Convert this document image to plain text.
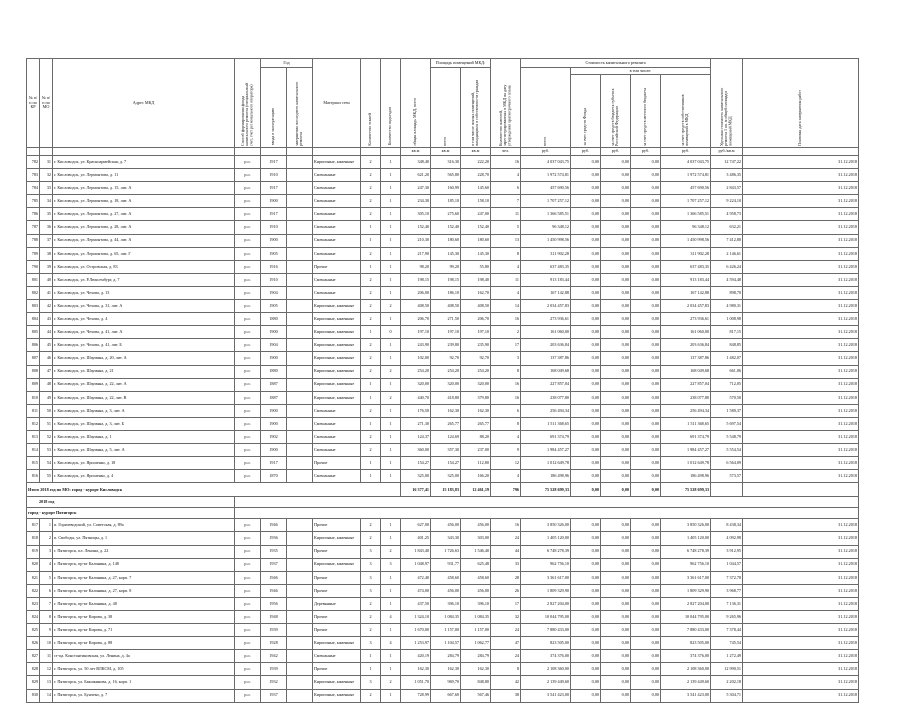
№ п/п по КР	№ п/п по МО	Адрес МКД	Способ формирования фонда капитального ремонта (специальный счет, счет регионального оператора)	Год		Материал стен	Количество этажей	Количество подъездов	общая площадь МКД, всего	Площадь помещений МКД:		Количество жителей, зарегистрированных в МКД на дату утверждения краткосрочного плана	Стоимость капитального ремонта					Удельная стоимость капитального ремонта 1 кв. м общей площади помещений МКД	Плановая дата завершения работ
				ввода в эксплуатацию	завершения последнего капитального ремонта					всего	в том числе жилых помещений, находящихся в собственности граждан		всего	в том числе:					
														за счет средств Фонда	за счет средств бюджета субъекта Российской Федерации	за счет средств местного бюджета	за счет средств собственников помещений в МКД		
									кв.м	кв.м	кв.м	чел.	руб.	руб.	руб.	руб.	руб.	руб./кв.м	
782	31	г. Кисловодск, ул. Красноармейская, д. 7	р.о.	1917		Кирпичные, каменные	2	1	348,40	316,30	222,20	16	4 037 043,75	0,00	0,00	0,00	4 037 043,75	12 747,22	31.12.2018
783	32	г. Кисловодск, ул. Лермонтова, д. 11	р.о.	1910		Смешанные	2	1	621,20	565,80	228,70	4	1 972 574,81	0,00	0,00	0,00	1 972 574,81	3 486,35	31.12.2018
784	33	г. Кисловодск, ул. Лермонтова, д. 15, лит. А	р.о.	1917		Смешанные	2	1	247,30	160,99	145,60	6	457 690,56	0,00	0,00	0,00	457 690,56	2 843,57	31.12.2018
785	34	г. Кисловодск, ул. Лермонтова, д. 18, лит. А	р.о.	1900		Смешанные	2	1	234,30	185,10	158,10	7	1 707 257,12	0,00	0,00	0,00	1 707 257,12	9 224,10	31.12.2018
786	35	г. Кисловодск, ул. Лермонтова, д. 27, лит. А	р.о.	1917		Смешанные	2	1	305,10	275,60	247,00	11	1 366 585,51	0,00	0,00	0,00	1 366 585,51	4 958,73	31.12.2018
787	36	г. Кисловодск, ул. Лермонтова, д. 28, лит. А	р.о.	1910		Смешанные	1	1	152,40	152,40	152,40	5	96 348,12	0,00	0,00	0,00	96 348,12	632,21	31.12.2018
788	37	г. Кисловодск, ул. Лермонтова, д. 44, лит. А	р.о.	1900		Смешанные	1	1	210,30	180,60	180,60	13	1 450 998,56	0,00	0,00	0,00	1 450 998,56	7 412,80	31.12.2018
789	38	г. Кисловодск, ул. Лермонтова, д. 65, лит. Г	р.о.	1905		Смешанные	2	1	217,90	145,30	145,30	8	311 902,28	0,00	0,00	0,00	311 902,28	2 146,61	31.12.2018
790	39	г. Кисловодск, ул. Островская, д. 83	р.о.	1916		Прочие	1	1	98,20	99,20	55,80	4	637 483,35	0,00	0,00	0,00	637 483,35	6 426,24	31.12.2018
801	40	г. Кисловодск, ул. Р.Люксембург, д. 7	р.о.	1910		Смешанные	2	1	198,15	198,15	198,40	11	913 183,44	0,00	0,00	0,00	913 183,44	4 594,48	31.12.2018
802	41	г. Кисловодск, ул. Чехова, д. 13	р.о.	1904		Смешанные	2	1	206,00	186,10	162,70	4	167 142,88	0,00	0,00	0,00	167 142,88	898,70	31.12.2018
803	42	г. Кисловодск, ул. Чехова, д. 31, лит. А	р.о.	1905		Кирпичные, каменные	2	2	408,50	408,50	408,50	14	2 034 457,83	0,00	0,00	0,00	2 034 457,83	4 980,31	31.12.2018
804	43	г. Кисловодск, ул. Чехова, д. 4	р.о.	1880		Кирпичные, каменные	2	1	206,70	271,50	206,70	16	273 936,61	0,00	0,00	0,00	273 936,61	1 008,98	31.12.2018
805	44	г. Кисловодск, ул. Чехова, д. 41, лит. А	р.о.	1900		Кирпичные, каменные	1	0	197,10	197,10	197,10	2	161 060,00	0,00	0,00	0,00	161 060,00	817,15	31.12.2018
806	45	г. Кисловодск, ул. Чехова, д. 41, лит. Б	р.о.	1904		Кирпичные, каменные	2	1	243,90	239,80	235,90	17	203 636,84	0,00	0,00	0,00	203 636,84	848,85	31.12.2018
807	46	г. Кисловодск, ул. Шаумяна, д. 20, лит. А	р.о.	1900		Кирпичные, каменные	2	1	102,00	92,70	92,70	3	137 387,86	0,00	0,00	0,00	137 387,86	1 482,07	31.12.2018
808	47	г. Кисловодск, ул. Шаумяна, д. 21	р.о.	1880		Кирпичные, каменные	2	2	254,20	254,20	254,20	8	168 049,68	0,00	0,00	0,00	168 049,68	661,06	31.12.2018
809	48	г. Кисловодск, ул. Шаумяна, д. 22, лит. А	р.о.	1887		Кирпичные, каменные	1	1	320,00	320,00	320,00	16	227 857,04	0,00	0,00	0,00	227 857,04	712,05	31.12.2018
810	49	г. Кисловодск, ул. Шаумяна, д. 22, лит. В	р.о.	1887		Кирпичные, каменные	1	2	440,70	418,80	379,80	16	238 077,80	0,00	0,00	0,00	238 077,80	570,50	31.12.2018
811	50	г. Кисловодск, ул. Шаумяна, д. 3, лит. А	р.о.	1900		Смешанные	2	1	176,50	162,30	162,30	6	256 494,34	0,00	0,00	0,00	256 494,34	1 580,37	31.12.2018
812	51	г. Кисловодск, ул. Шаумяна, д. 3, лит. Б	р.о.	1900		Смешанные	1	1	271,30	265,77	265,77	8	1 511 368,65	0,00	0,00	0,00	1 511 368,65	5 697,54	31.12.2018
813	52	г. Кисловодск, ул. Шаумяна, д. 1	р.о.	1902		Смешанные	2	1	124,37	124,69	88,20	4	691 374,79	0,00	0,00	0,00	691 374,79	5 548,79	31.12.2018
814	53	г. Кисловодск, ул. Шаумяна, д. 5, лит. А	р.о.	1900		Смешанные	2	1	360,00	357,30	237,00	9	1 984 457,27	0,00	0,00	0,00	1 984 457,27	5 554,54	31.12.2018
815	54	г. Кисловодск, ул. Ярошенко, д. 18	р.о.	1917		Прочие	1	1	154,27	154,27	112,80	12	1 012 649,78	0,00	0,00	0,00	1 012 649,78	6 564,09	31.12.2018
816	55	г. Кисловодск, ул. Ярошенко, д. 4	р.о.	1870		Смешанные	1	1	325,00	325,00	166,20	4	186 498,96	0,00	0,00	0,00	186 498,96	573,57	31.12.2018
Итого 2018 год по МО: город - курорт Кисловодск									16 377,41	15 183,83	12 461,19	796	75 528 699,33	0,00	0,00	0,00	75 528 699,33		
2018 год																			
город - курорт Пятигорск																			
817	1	п. Горячеводский, ул. Советская, д. 89а	р.о.	1946		Прочие	2	1	627,00	456,00	456,00	16	3 850 326,00	0,00	0,00	0,00	3 850 326,00	8 438,34	31.12.2018
818	2	п. Свободы, ул. Пятницы, д. 1	р.о.	1936		Кирпичные, каменные	2	1	401,25	343,30	303,00	24	1 405 120,00	0,00	0,00	0,00	1 405 120,00	4 092,98	31.12.2018
819	3	г. Пятигорск, пл. Ленина, д. 22	р.о.	1935		Прочие	3	2	1 843,40	1 726,63	1 546,40	44	6 748 278,39	0,00	0,00	0,00	6 748 278,39	3 912,95	31.12.2018
820	4	г. Пятигорск, пр-кт Калинина, д. 148	р.о.	1937		Кирпичные, каменные	3	3	1 048,97	931,77	625,48	33	962 756,10	0,00	0,00	0,00	962 756,10	1 044,57	31.12.2018
821	5	г. Пятигорск, пр-кт Калинина, д. 27, корп. 7	р.о.	1946		Прочие	3	1	472,40	458,60	458,60	28	3 361 617,00	0,00	0,00	0,00	3 361 617,00	7 372,78	31.12.2018
822	6	г. Пятигорск, пр-кт Калинина, д. 27, корп. 8	р.о.	1946		Прочие	3	1	474,00	456,00	456,00	26	1 809 329,90	0,00	0,00	0,00	1 809 329,90	3 968,77	31.12.2018
823	7	г. Пятигорск, пр-кт Калинина, д. 48	р.о.	1956		Деревянные	2	1	437,50	396,10	396,10	17	2 827 204,00	0,00	0,00	0,00	2 827 204,00	7 136,31	31.12.2018
824	8	г. Пятигорск, пр-кт Кирова, д. 38	р.о.	1948		Прочие	2	4	1 324,10	1 084,35	1 084,35	32	10 044 795,00	0,00	0,00	0,00	10 044 795,00	9 265,96	31.12.2018
825	9	г. Пятигорск, пр-кт Кирова, д. 71	р.о.	1939		Прочие	2	1	1 670,00	1 157,00	1 157,00	24	7 880 433,00	0,00	0,00	0,00	7 880 433,00	7 378,44	31.12.2018
826	10	г. Пятигорск, пр-кт Кирова, д. 88	р.о.	1928		Кирпичные, каменные	3	4	1 253,97	1 104,57	1 062,77	47	823 505,00	0,00	0,00	0,00	823 505,00	745,54	31.12.2018
827	11	ст-ца. Константиновская, ул. Ленина, д. 4а	р.о.	1942		Смешанные	1	1	420,19	284,79	284,79	24	374 376,00	0,00	0,00	0,00	374 376,00	1 272,49	31.12.2018
828	12	г. Пятигорск, ул. 50 лет ВЛКСМ, д. 105	р.о.	1939		Прочие	1	1	162,30	162,30	162,30	8	2 108 360,00	0,00	0,00	0,00	2 108 360,00	12 990,51	31.12.2018
829	13	г. Пятигорск, ул. Бакшкинова, д. 16, корп. 1	р.о.	1932		Кирпичные, каменные	3	2	1 051,70	969,70	848,80	42	2 139 449,60	0,00	0,00	0,00	2 139 449,60	2 202,18	31.12.2018
830	14	г. Пятигорск, ул. Бунчеко, д. 7	р.о.	1937		Кирпичные, каменные	2	1	728,99	667,60	567,46	38	3 541 423,00	0,00	0,00	0,00	3 541 423,00	5 304,71	31.12.2018
